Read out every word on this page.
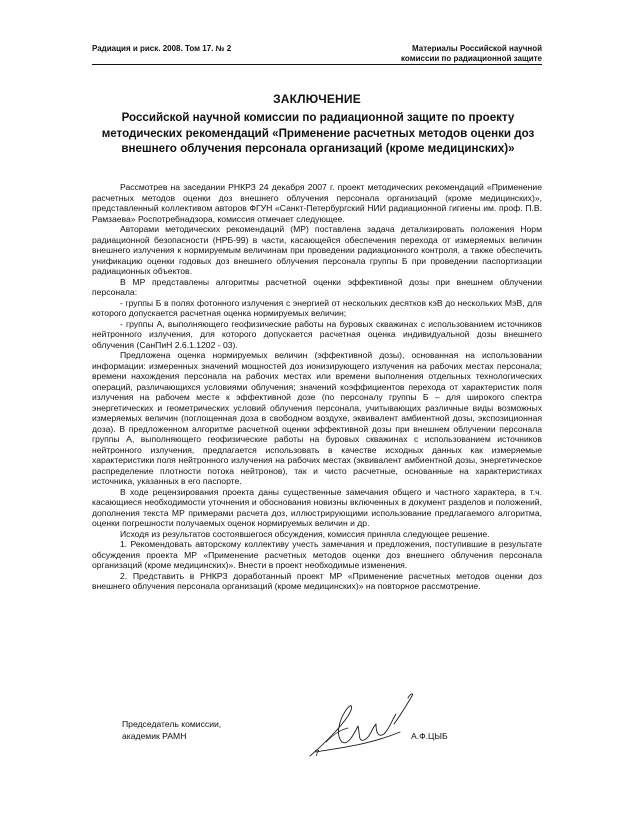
Радиация и риск. 2008. Том 17. № 2	Материалы Российской научной
комиссии по радиационной защите
ЗАКЛЮЧЕНИЕ
Российской научной комиссии по радиационной защите по проекту методических рекомендаций «Применение расчетных методов оценки доз внешнего облучения персонала организаций (кроме медицинских)»

Рассмотрев на заседании РНКРЗ 24 декабря 2007 г. проект методических рекомендаций «Применение расчетных методов оценки доз внешнего облучения персонала организаций (кроме медицинских)», представленный коллективом авторов ФГУН «Санкт-Петербургский НИИ радиационной гигиены им. проф. П.В. Рамзаева» Роспотребнадзора, комиссия отмечает следующее.

Авторами методических рекомендаций (МР) поставлена задача детализировать положения Норм радиационной безопасности (НРБ-99) в части, касающейся обеспечения перехода от измеряемых величин внешнего излучения к нормируемым величинам при проведении радиационного контроля, а также обеспечить унификацию оценки годовых доз внешнего облучения персонала группы Б при проведении паспортизации радиационных объектов.

В МР представлены алгоритмы расчетной оценки эффективной дозы при внешнем облучении персонала:

- группы Б в полях фотонного излучения с энергией от нескольких десятков кэВ до нескольких МэВ, для которого допускается расчетная оценка нормируемых величин;

- группы А, выполняющего геофизические работы на буровых скважинах с использованием источников нейтронного излучения, для которого допускается расчетная оценка индивидуальной дозы внешнего облучения (СанПиН 2.6.1.1202 - 03).

Предложена оценка нормируемых величин (эффективной дозы), основанная на использовании информации: измеренных значений мощностей доз ионизирующего излучения на рабочих местах персонала; времени нахождения персонала на рабочих местах или времени выполнения отдельных технологических операций, различающихся условиями облучения; значений коэффициентов перехода от характеристик поля излучения на рабочем месте к эффективной дозе (по персоналу группы Б – для широкого спектра энергетических и геометрических условий облучения персонала, учитывающих различные виды возможных измеряемых величин (поглощенная доза в свободном воздухе, эквивалент амбиентной дозы, экспозиционная доза). В предложенном алгоритме расчетной оценки эффективной дозы при внешнем облучении персонала группы А, выполняющего геофизические работы на буровых скважинах с использованием источников нейтронного излучения, предлагается использовать в качестве исходных данных как измеряемые характеристики поля нейтронного излучения на рабочих местах (эквивалент амбиентной дозы, энергетическое распределение плотности потока нейтронов), так и чисто расчетные, основанные на характеристиках источника, указанных в его паспорте.

В ходе рецензирования проекта даны существенные замечания общего и частного характера, в т.ч. касающиеся необходимости уточнения и обоснования новизны включенных в документ разделов и положений, дополнения текста МР примерами расчета доз, иллюстрирующими использование предлагаемого алгоритма, оценки погрешности получаемых оценок нормируемых величин и др.

Исходя из результатов состоявшегося обсуждения, комиссия приняла следующее решение.

1. Рекомендовать авторскому коллективу учесть замечания и предложения, поступившие в результате обсуждения проекта МР «Применение расчетных методов оценки доз внешнего облучения персонала организаций (кроме медицинских)». Внести в проект необходимые изменения.

2. Представить в РНКРЗ доработанный проект МР «Применение расчетных методов оценки доз внешнего облучения персонала организаций (кроме медицинских)» на повторное рассмотрение.

Председатель комиссии,
академик РАМН	А.Ф.ЦЫБ
7
